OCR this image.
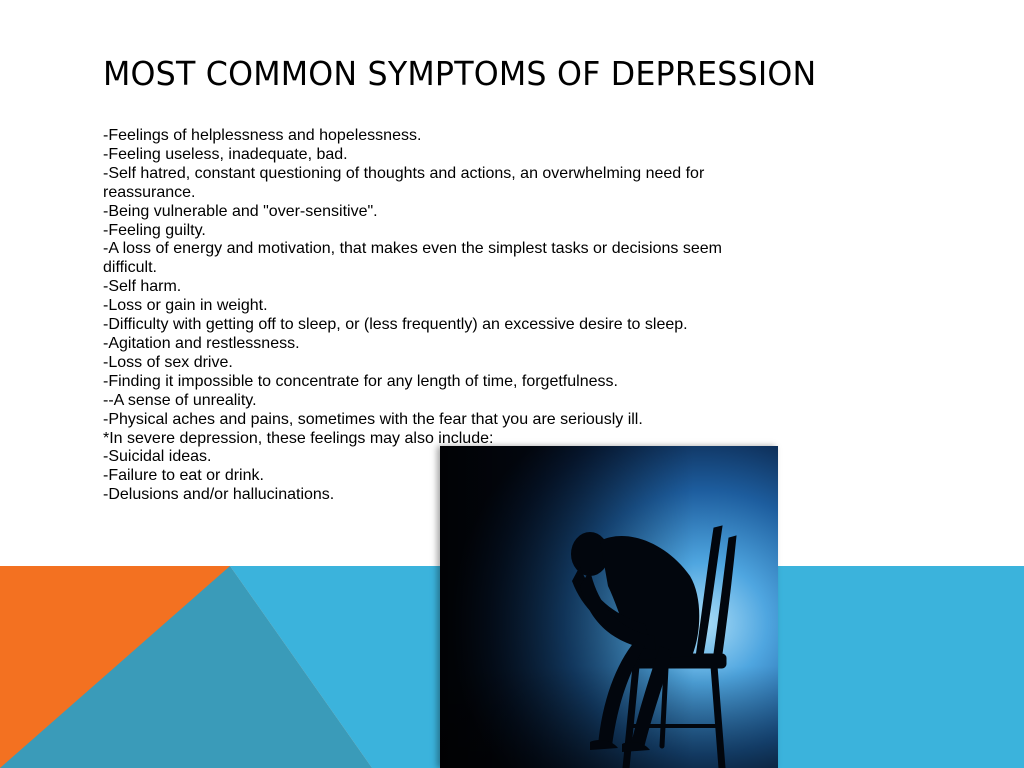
MOST COMMON SYMPTOMS OF DEPRESSION
-Feelings of helplessness and hopelessness.
-Feeling useless, inadequate, bad.
-Self hatred, constant questioning of thoughts and actions, an overwhelming need for
reassurance.
-Being vulnerable and "over-sensitive".
-Feeling guilty.
-A loss of energy and motivation, that makes even the simplest tasks or decisions seem
difficult.
-Self harm.
-Loss or gain in weight.
-Difficulty with getting off to sleep, or (less frequently) an excessive desire to sleep.
-Agitation and restlessness.
-Loss of sex drive.
-Finding it impossible to concentrate for any length of time, forgetfulness.
--A sense of unreality.
-Physical aches and pains, sometimes with the fear that you are seriously ill.
*In severe depression, these feelings may also include:
-Suicidal ideas.
-Failure to eat or drink.
-Delusions and/or hallucinations.
